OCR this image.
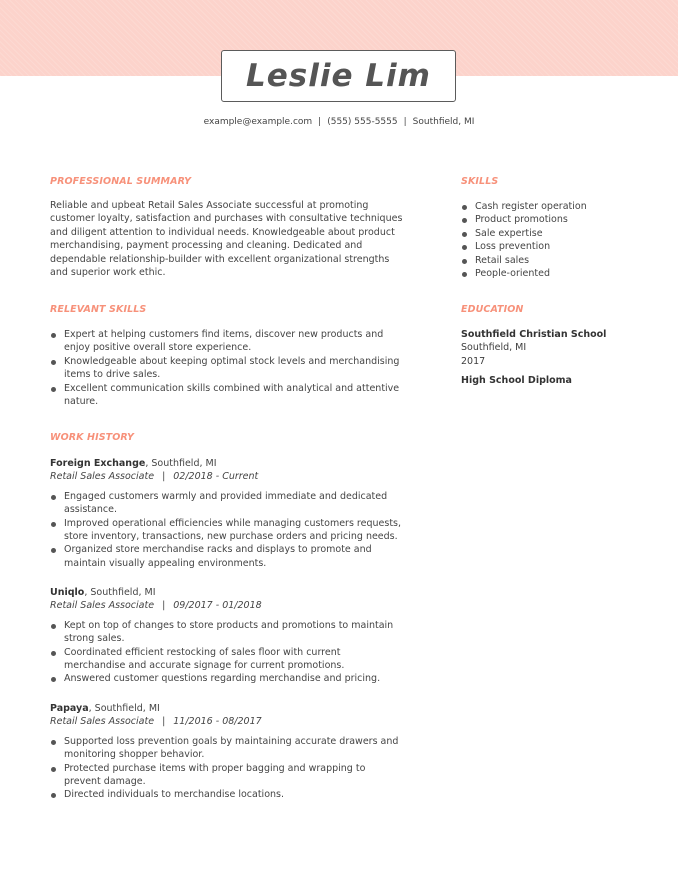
Leslie Lim
example@example.com | (555) 555-5555 | Southfield, MI
PROFESSIONAL SUMMARY
Reliable and upbeat Retail Sales Associate successful at promoting
customer loyalty, satisfaction and purchases with consultative techniques
and diligent attention to individual needs. Knowledgeable about product
merchandising, payment processing and cleaning. Dedicated and
dependable relationship-builder with excellent organizational strengths
and superior work ethic.
RELEVANT SKILLS
Expert at helping customers find items, discover new products and
enjoy positive overall store experience.
Knowledgeable about keeping optimal stock levels and merchandising
items to drive sales.
Excellent communication skills combined with analytical and attentive
nature.
WORK HISTORY
Foreign Exchange, Southfield, MI
Retail Sales Associate | 02/2018 - Current
Engaged customers warmly and provided immediate and dedicated
assistance.
Improved operational efficiencies while managing customers requests,
store inventory, transactions, new purchase orders and pricing needs.
Organized store merchandise racks and displays to promote and
maintain visually appealing environments.
Uniqlo, Southfield, MI
Retail Sales Associate | 09/2017 - 01/2018
Kept on top of changes to store products and promotions to maintain
strong sales.
Coordinated efficient restocking of sales floor with current
merchandise and accurate signage for current promotions.
Answered customer questions regarding merchandise and pricing.
Papaya, Southfield, MI
Retail Sales Associate | 11/2016 - 08/2017
Supported loss prevention goals by maintaining accurate drawers and
monitoring shopper behavior.
Protected purchase items with proper bagging and wrapping to
prevent damage.
Directed individuals to merchandise locations.
SKILLS
Cash register operation
Product promotions
Sale expertise
Loss prevention
Retail sales
People-oriented
EDUCATION
Southfield Christian School
Southfield, MI
2017
High School Diploma
